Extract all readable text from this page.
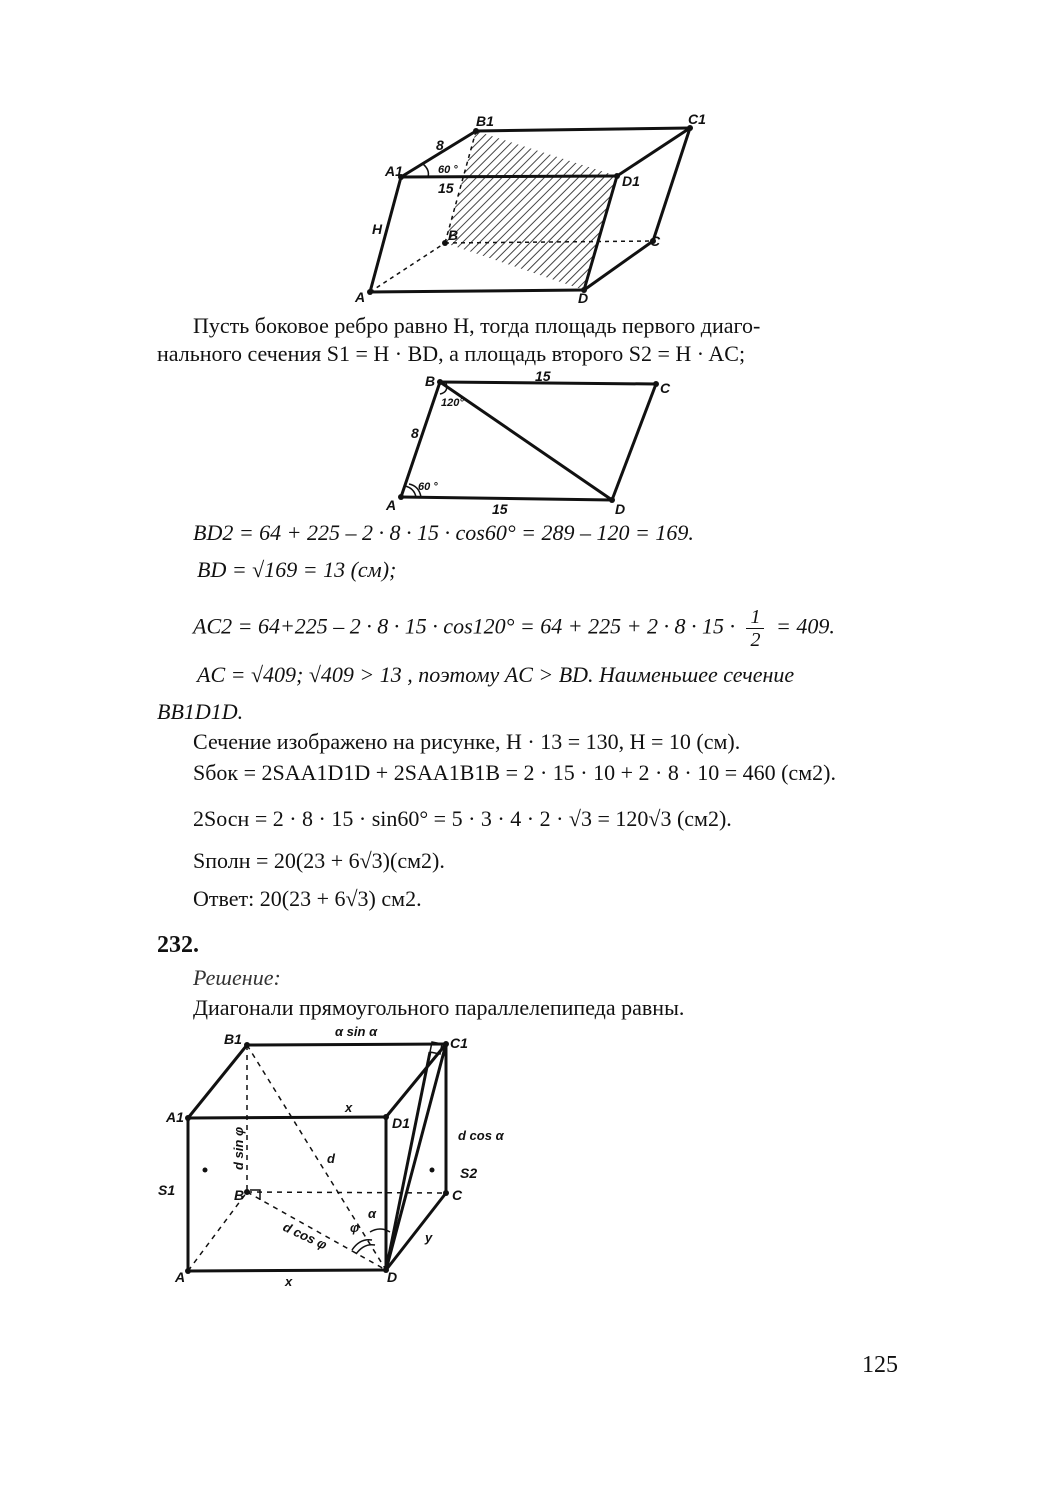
B1	C1
A1
D1
B	C
A	D
H
8
15
60 °
Пусть боковое ребро равно H, тогда площадь первого диаго-
нального сечения S1 = H · BD, а площадь второго S2 = H · AC;
B	C
A	D
15
15
8
120°
60 °
BD2 = 64 + 225 – 2 · 8 · 15 · cos60° = 289 – 120 = 169.
BD = √169 = 13 (см);
$AC2 = 64+225 - 2 \cdot 8 \cdot 15 \cdot \cos 120^\circ = 64 + 225 + 2 \cdot 8 \cdot 15 \cdot \frac{1}{2} = 409$.
AC = √409; √409 > 13 , поэтому AC > BD. Наименьшее сечение
BB1D1D.
Сечение изображено на рисунке, H · 13 = 130, H = 10 (см).
Sбок = 2SAA1D1D + 2SAA1B1B = 2 · 15 · 10 + 2 · 8 · 10 = 460 (см2).
2Sосн = 2 · 8 · 15 · sin60° = 5 · 3 · 4 · 2 · √3 = 120√3 (см2).
Sполн = 20(23 + 6√3)(см2).
Ответ: 20(23 + 6√3) см2.
232.
Решение:
Диагонали прямоугольного параллелепипеда равны.
B1	C1
A1	D1
B	C
A	D
α sin α
x
x
d sin φ	d
d cos α
S1
S2
d cos φ φ
α
y
125
